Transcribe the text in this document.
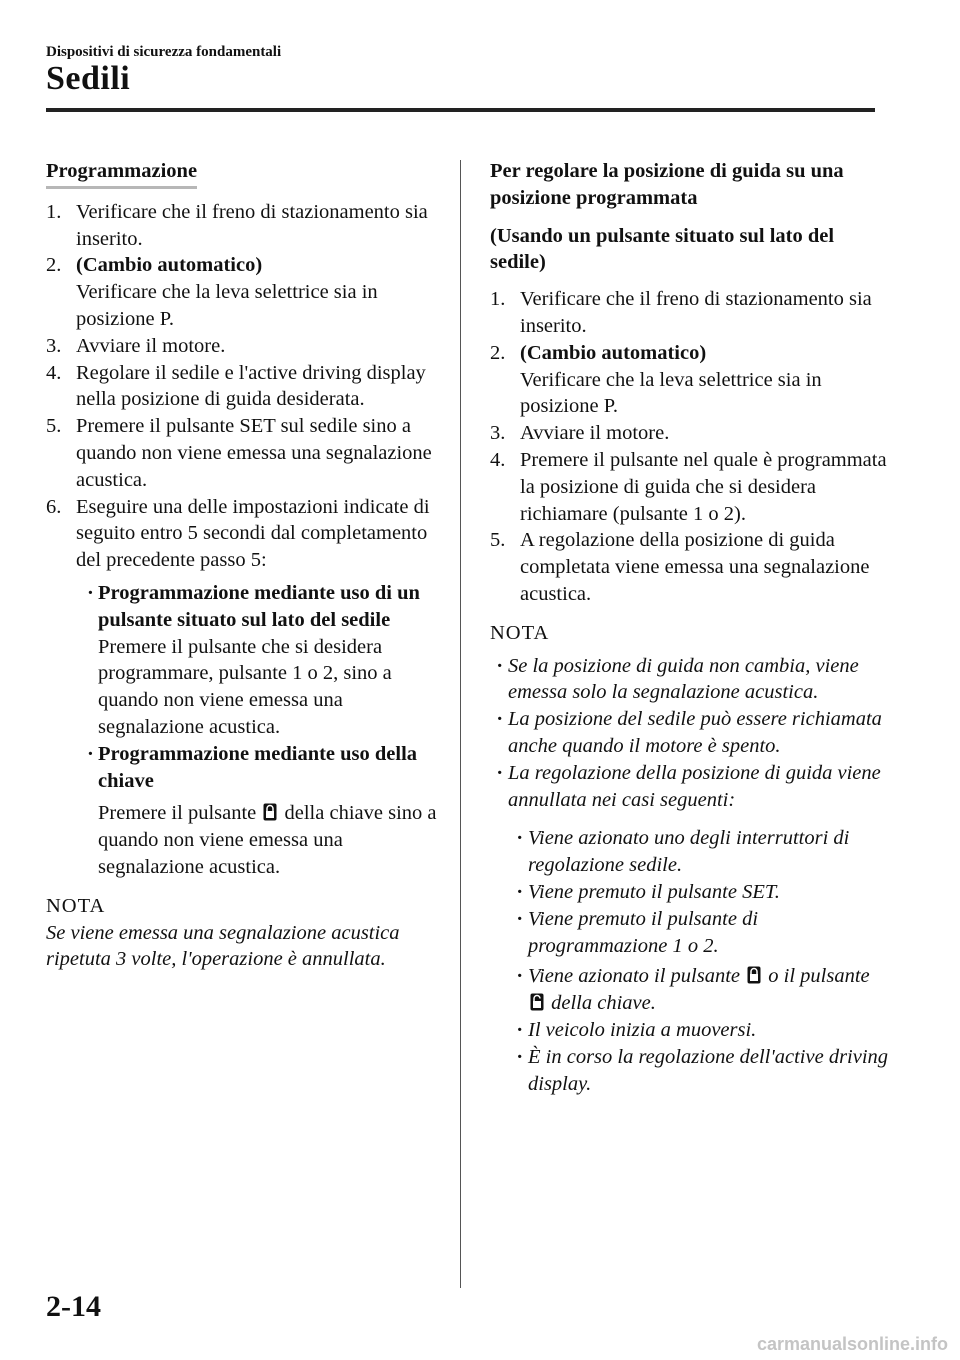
Dispositivi di sicurezza fondamentali
Sedili
Programmazione
1. Verificare che il freno di stazionamento sia inserito.
2. (Cambio automatico)
Verificare che la leva selettrice sia in posizione P.
3. Avviare il motore.
4. Regolare il sedile e l'active driving display nella posizione di guida desiderata.
5. Premere il pulsante SET sul sedile sino a quando non viene emessa una segnalazione acustica.
6. Eseguire una delle impostazioni indicate di seguito entro 5 secondi dal completamento del precedente passo 5:
· Programmazione mediante uso di un pulsante situato sul lato del sedile
Premere il pulsante che si desidera programmare, pulsante 1 o 2, sino a quando non viene emessa una segnalazione acustica.
· Programmazione mediante uso della chiave
Premere il pulsante della chiave sino a quando non viene emessa una segnalazione acustica.
NOTA
Se viene emessa una segnalazione acustica ripetuta 3 volte, l'operazione è annullata.
Per regolare la posizione di guida su una posizione programmata
(Usando un pulsante situato sul lato del sedile)
1. Verificare che il freno di stazionamento sia inserito.
2. (Cambio automatico)
Verificare che la leva selettrice sia in posizione P.
3. Avviare il motore.
4. Premere il pulsante nel quale è programmata la posizione di guida che si desidera richiamare (pulsante 1 o 2).
5. A regolazione della posizione di guida completata viene emessa una segnalazione acustica.
NOTA
· Se la posizione di guida non cambia, viene emessa solo la segnalazione acustica.
· La posizione del sedile può essere richiamata anche quando il motore è spento.
· La regolazione della posizione di guida viene annullata nei casi seguenti:
· Viene azionato uno degli interruttori di regolazione sedile.
· Viene premuto il pulsante SET.
· Viene premuto il pulsante di programmazione 1 o 2.
· Viene azionato il pulsante o il pulsante  della chiave.
· Il veicolo inizia a muoversi.
· È in corso la regolazione dell'active driving display.
2-14
carmanualsonline.info
